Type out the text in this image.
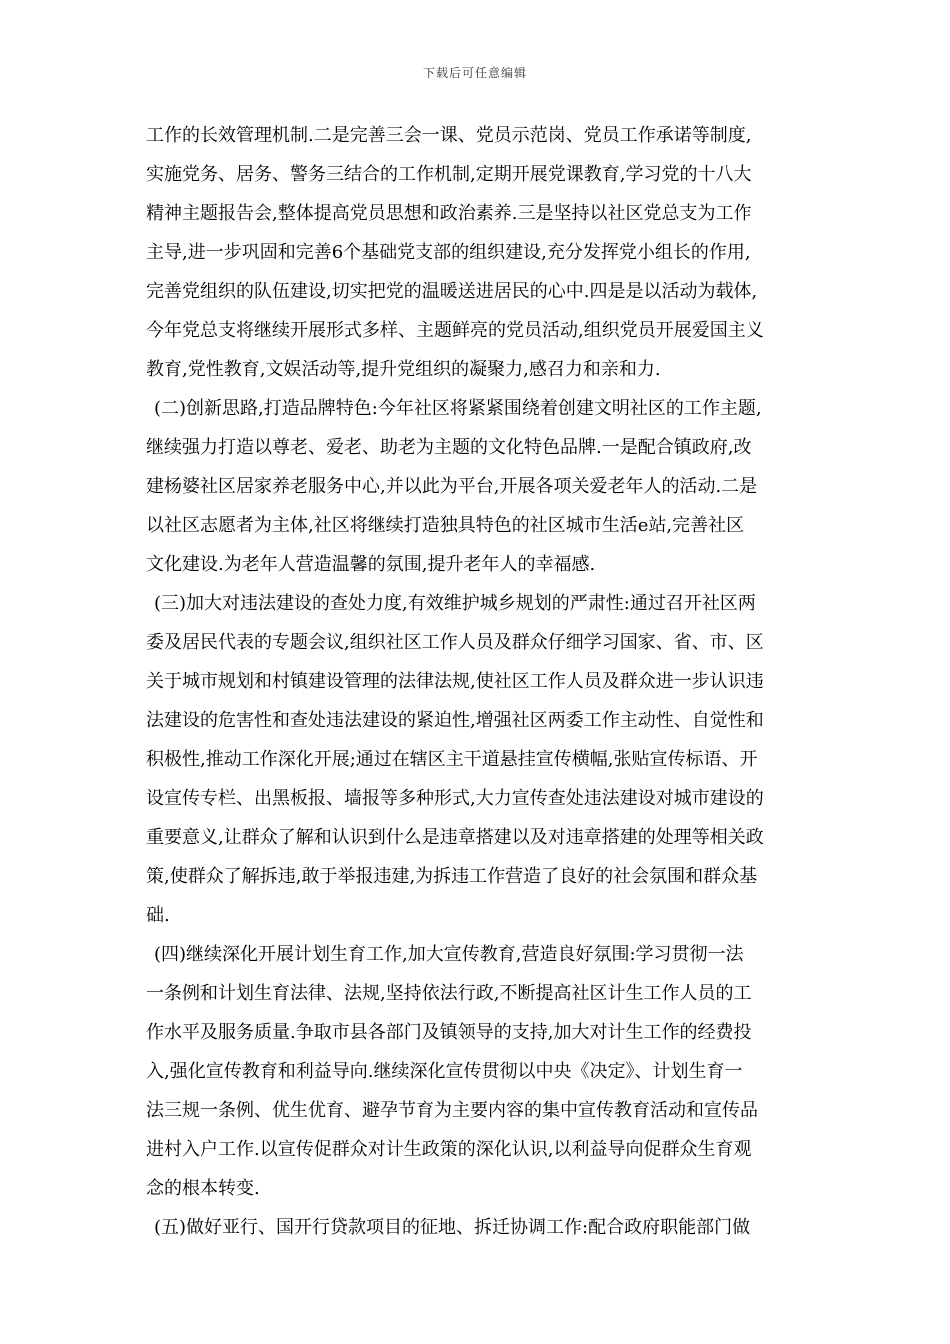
下载后可任意编辑
工作的长效管理机制.二是完善三会一课、党员示范岗、党员工作承诺等制度,
实施党务、居务、警务三结合的工作机制,定期开展党课教育,学习党的十八大
精神主题报告会,整体提高党员思想和政治素养.三是坚持以社区党总支为工作
主导,进一步巩固和完善6个基础党支部的组织建设,充分发挥党小组长的作用,
完善党组织的队伍建设,切实把党的温暖送进居民的心中.四是是以活动为载体,
今年党总支将继续开展形式多样、主题鲜亮的党员活动,组织党员开展爱国主义
教育,党性教育,文娱活动等,提升党组织的凝聚力,感召力和亲和力.
(二)创新思路,打造品牌特色:今年社区将紧紧围绕着创建文明社区的工作主题,
继续强力打造以尊老、爱老、助老为主题的文化特色品牌.一是配合镇政府,改
建杨婆社区居家养老服务中心,并以此为平台,开展各项关爱老年人的活动.二是
以社区志愿者为主体,社区将继续打造独具特色的社区城市生活e站,完善社区
文化建设.为老年人营造温馨的氛围,提升老年人的幸福感.
(三)加大对违法建设的查处力度,有效维护城乡规划的严肃性:通过召开社区两
委及居民代表的专题会议,组织社区工作人员及群众仔细学习国家、省、市、区
关于城市规划和村镇建设管理的法律法规,使社区工作人员及群众进一步认识违
法建设的危害性和查处违法建设的紧迫性,增强社区两委工作主动性、自觉性和
积极性,推动工作深化开展;通过在辖区主干道悬挂宣传横幅,张贴宣传标语、开
设宣传专栏、出黑板报、墙报等多种形式,大力宣传查处违法建设对城市建设的
重要意义,让群众了解和认识到什么是违章搭建以及对违章搭建的处理等相关政
策,使群众了解拆违,敢于举报违建,为拆违工作营造了良好的社会氛围和群众基
础.
(四)继续深化开展计划生育工作,加大宣传教育,营造良好氛围:学习贯彻一法
一条例和计划生育法律、法规,坚持依法行政,不断提高社区计生工作人员的工
作水平及服务质量.争取市县各部门及镇领导的支持,加大对计生工作的经费投
入,强化宣传教育和利益导向.继续深化宣传贯彻以中央《决定》、计划生育一
法三规一条例、优生优育、避孕节育为主要内容的集中宣传教育活动和宣传品
进村入户工作.以宣传促群众对计生政策的深化认识,以利益导向促群众生育观
念的根本转变.
(五)做好亚行、国开行贷款项目的征地、拆迁协调工作:配合政府职能部门做
